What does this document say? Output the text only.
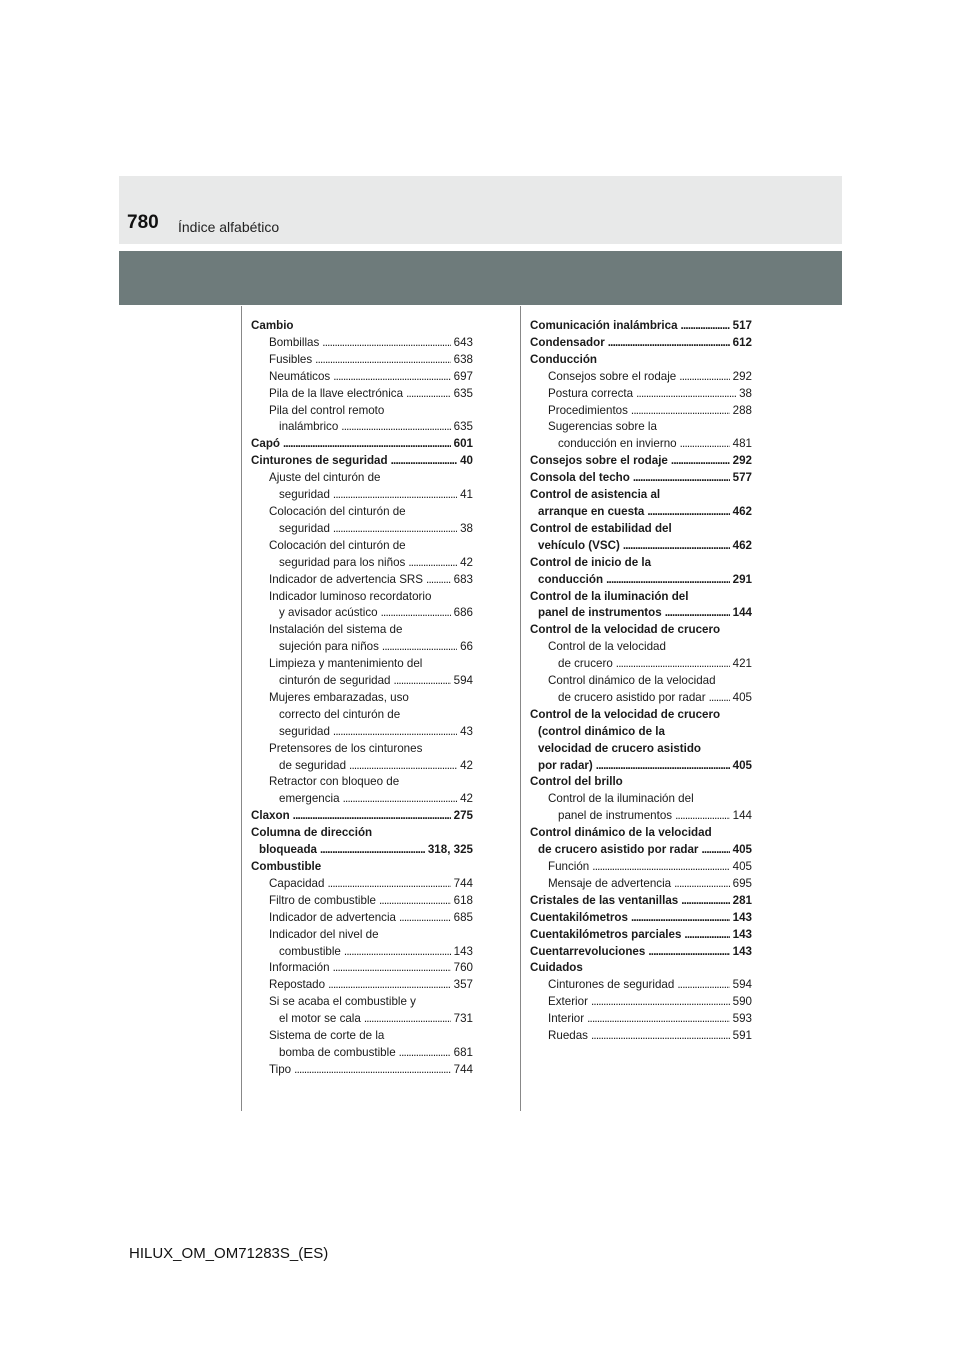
780 Índice alfabético
Cambio
Bombillas . . .	643
Fusibles . . .	638
Neumáticos . . .	697
Pila de la llave electrónica . . .	635
Pila del control remoto
inalámbrico . . .	635
Capó . . .	601
Cinturones de seguridad . . .	40
Ajuste del cinturón de
seguridad . . .	41
Colocación del cinturón de
seguridad . . .	38
Colocación del cinturón de
seguridad para los niños . . .	42
Indicador de advertencia SRS . . .	683
Indicador luminoso recordatorio
y avisador acústico . . .	686
Instalación del sistema de
sujeción para niños . . .	66
Limpieza y mantenimiento del
cinturón de seguridad . . .	594
Mujeres embarazadas, uso
correcto del cinturón de
seguridad . . .	43
Pretensores de los cinturones
de seguridad . . .	42
Retractor con bloqueo de
emergencia . . .	42
Claxon . . .	275
Columna de dirección
bloqueada . . .	318, 325
Combustible
Capacidad . . .	744
Filtro de combustible . . .	618
Indicador de advertencia . . .	685
Indicador del nivel de
combustible . . .	143
Información . . .	760
Repostado . . .	357
Si se acaba el combustible y
el motor se cala . . .	731
Sistema de corte de la
bomba de combustible . . .	681
Tipo . . .	744
Comunicación inalámbrica . . .	517
Condensador . . .	612
Conducción
Consejos sobre el rodaje . . .	292
Postura correcta . . .	38
Procedimientos . . .	288
Sugerencias sobre la
conducción en invierno . . .	481
Consejos sobre el rodaje . . .	292
Consola del techo . . .	577
Control de asistencia al
arranque en cuesta . . .	462
Control de estabilidad del
vehículo (VSC) . . .	462
Control de inicio de la
conducción . . .	291
Control de la iluminación del
panel de instrumentos . . .	144
Control de la velocidad de crucero
Control de la velocidad
de crucero . . .	421
Control dinámico de la velocidad
de crucero asistido por radar . . . 405
Control de la velocidad de crucero
(control dinámico de la
velocidad de crucero asistido
por radar) . . .	405
Control del brillo
Control de la iluminación del
panel de instrumentos . . .	144
Control dinámico de la velocidad
de crucero asistido por radar . . .	405
Función . . .	405
Mensaje de advertencia . . .	695
Cristales de las ventanillas . . .	281
Cuentakilómetros . . .	143
Cuentakilómetros parciales . . .	143
Cuentarrevoluciones . . .	143
Cuidados
Cinturones de seguridad . . .	594
Exterior . . .	590
Interior . . .	593
Ruedas . . .	591
HILUX_OM_OM71283S_(ES)
